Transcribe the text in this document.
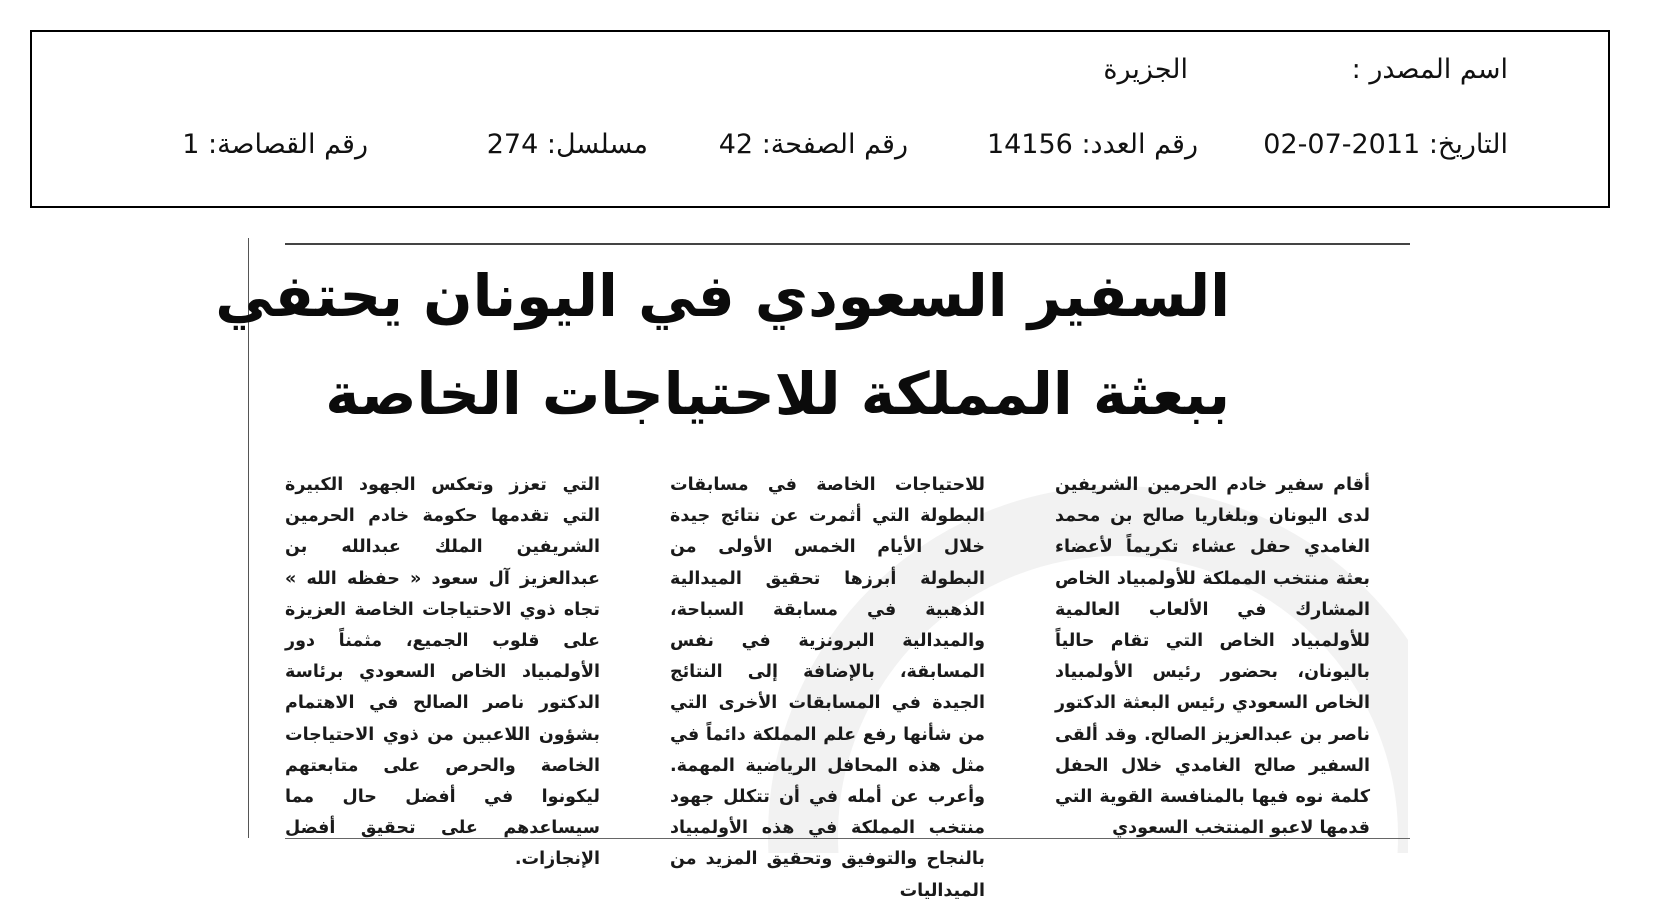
اسم المصدر :
الجزيرة
التاريخ: 2011-07-02
رقم العدد: 14156
رقم الصفحة: 42
مسلسل: 274
رقم القصاصة: 1
السفير السعودي في اليونان يحتفي
ببعثة المملكة للاحتياجات الخاصة

أقام سفير خادم الحرمين الشريفين لدى اليونان وبلغاريا صالح بن محمد الغامدي حفل عشاء تكريماً لأعضاء بعثة منتخب المملكة للأولمبياد الخاص المشارك في الألعاب العالمية للأولمبياد الخاص التي تقام حالياً باليونان، بحضور رئيس الأولمبياد الخاص السعودي رئيس البعثة الدكتور ناصر بن عبدالعزيز الصالح. وقد ألقى السفير صالح الغامدي خلال الحفل كلمة نوه فيها بالمنافسة القوية التي قدمها لاعبو المنتخب السعودي

للاحتياجات الخاصة في مسابقات البطولة التي أثمرت عن نتائج جيدة خلال الأيام الخمس الأولى من البطولة أبرزها تحقيق الميدالية الذهبية في مسابقة السباحة، والميدالية البرونزية في نفس المسابقة، بالإضافة إلى النتائج الجيدة في المسابقات الأخرى التي من شأنها رفع علم المملكة دائماً في مثل هذه المحافل الرياضية المهمة. وأعرب عن أمله في أن تتكلل جهود منتخب المملكة في هذه الأولمبياد بالنجاح والتوفيق وتحقيق المزيد من الميداليات

التي تعزز وتعكس الجهود الكبيرة التي تقدمها حكومة خادم الحرمين الشريفين الملك عبدالله بن عبدالعزيز آل سعود « حفظه الله » تجاه ذوي الاحتياجات الخاصة العزيزة على قلوب الجميع، مثمناً دور الأولمبياد الخاص السعودي برئاسة الدكتور ناصر الصالح في الاهتمام بشؤون اللاعبين من ذوي الاحتياجات الخاصة والحرص على متابعتهم ليكونوا في أفضل حال مما سيساعدهم على تحقيق أفضل الإنجازات.
